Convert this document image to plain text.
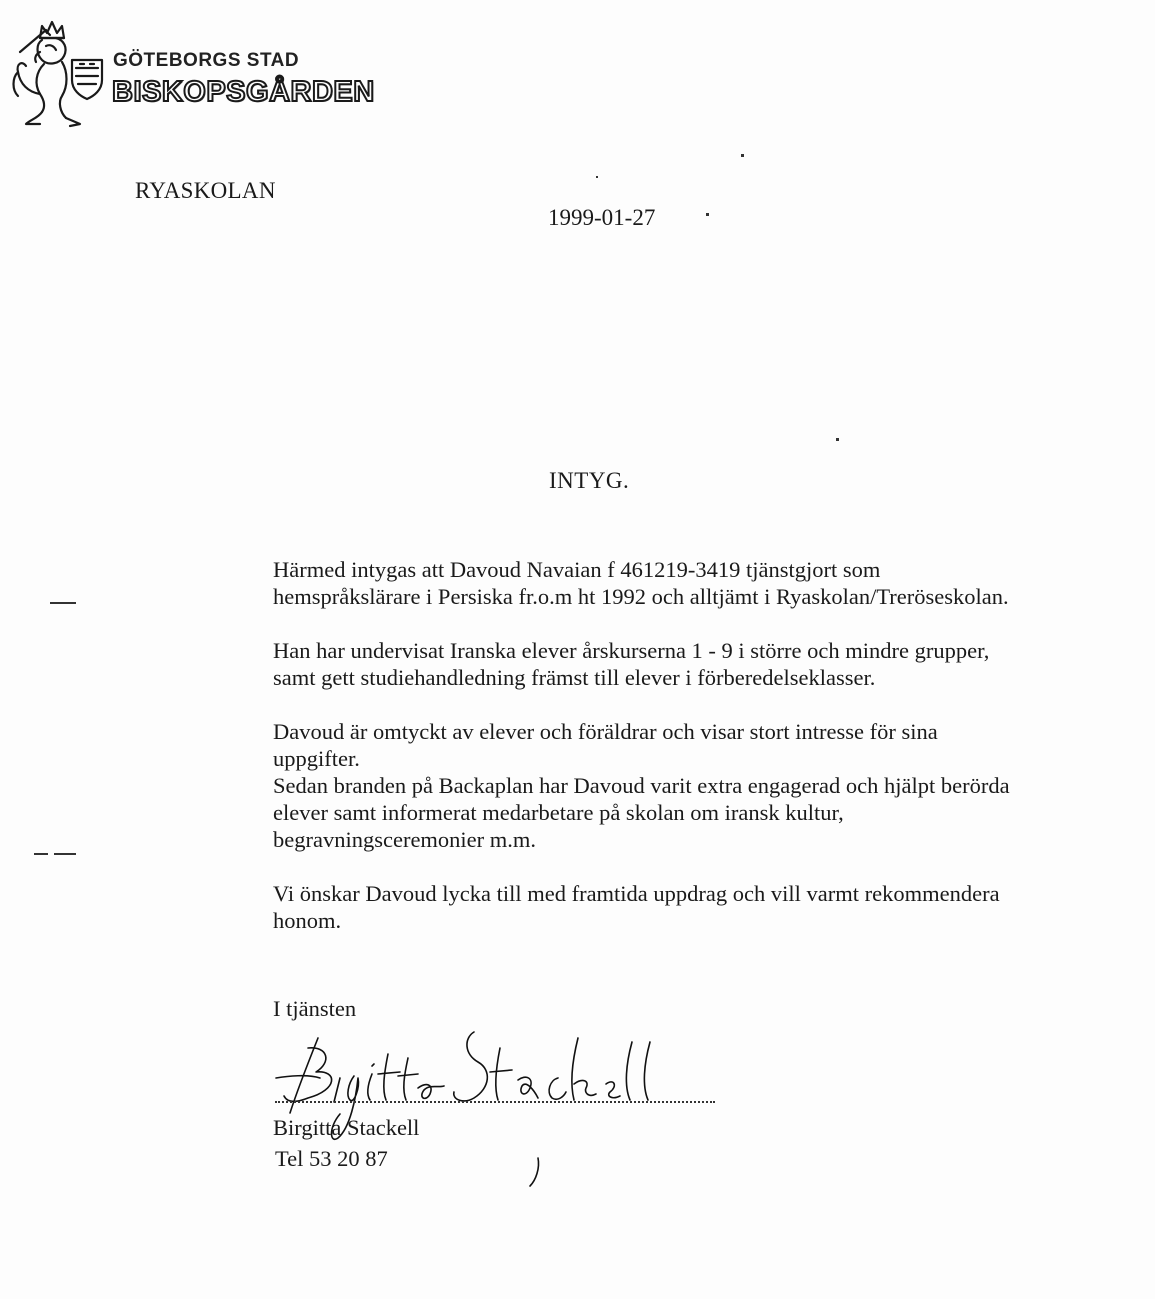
GÖTEBORGS STAD
BISKOPSGÅRDEN
RYASKOLAN
1999-01-27
INTYG.

Härmed intygas att Davoud Navaian f 461219-3419 tjänstgjort som

hemspråkslärare i Persiska fr.o.m ht 1992 och alltjämt i Ryaskolan/Treröseskolan.

Han har undervisat Iranska elever årskurserna 1 - 9 i större och mindre grupper,

samt gett studiehandledning främst till elever i förberedelseklasser.

Davoud är omtyckt av elever och föräldrar och visar stort intresse för sina

uppgifter.

Sedan branden på Backaplan har Davoud varit extra engagerad och hjälpt berörda

elever samt informerat medarbetare på skolan om iransk kultur,

begravningsceremonier m.m.

Vi önskar Davoud lycka till med framtida uppdrag och vill varmt rekommendera

honom.

I tjänsten
Birgitta Stackell
Tel 53 20 87
